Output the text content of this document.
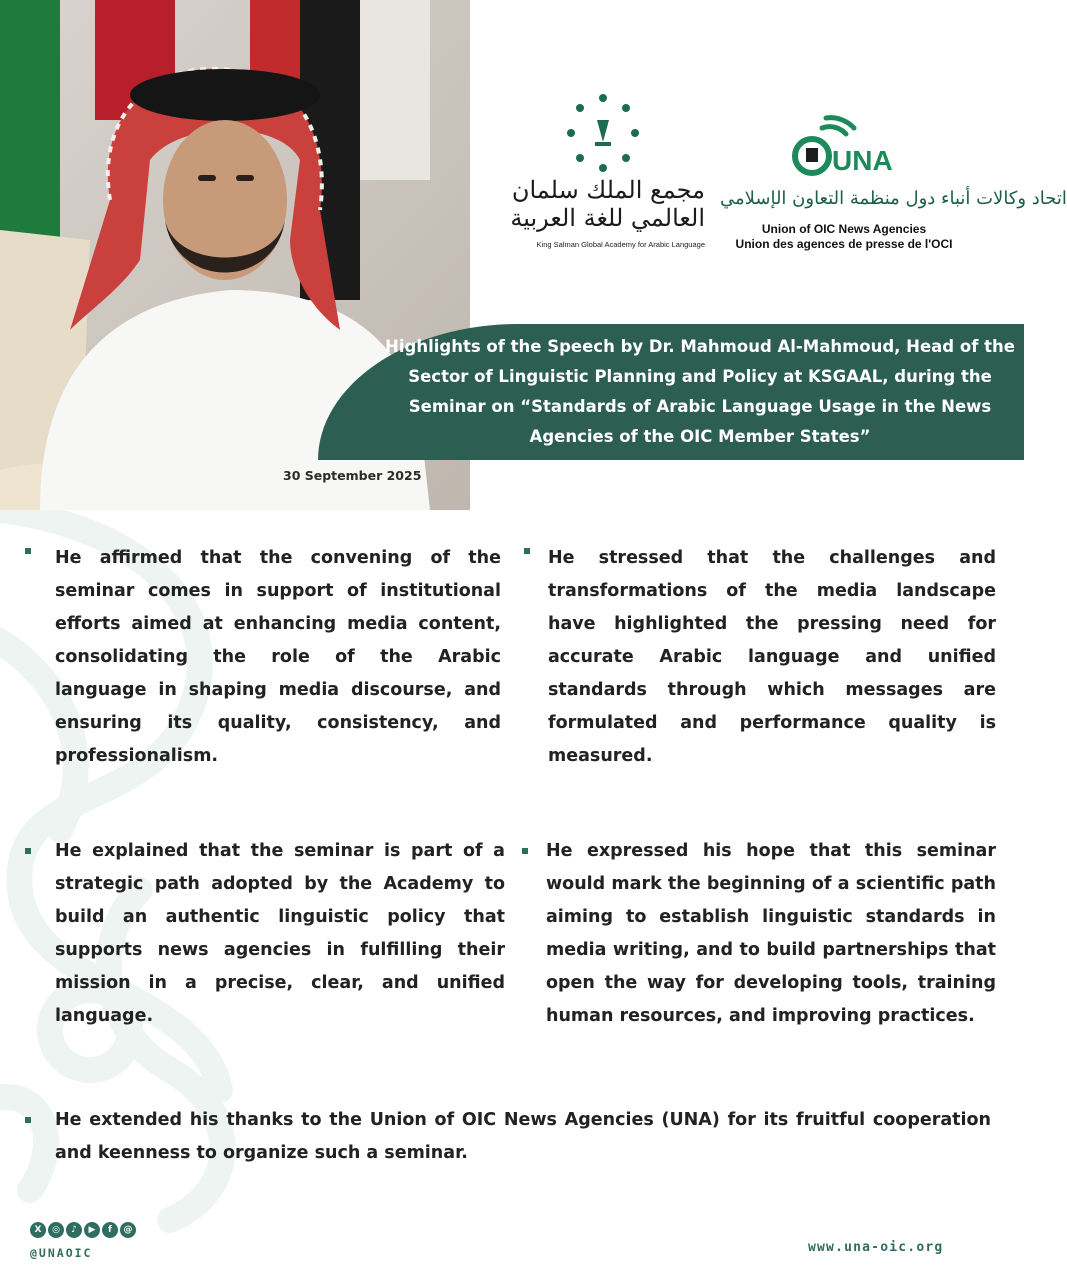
مجمع الملك سلمان
العالمي للغة العربية
King Salman Global Academy for Arabic Language
UNA
اتحاد وكالات أنباء دول منظمة التعاون الإسلامي
Union of OIC News Agencies
Union des agences de presse de l'OCI
Highlights of the Speech by Dr. Mahmoud Al-Mahmoud, Head of the Sector of Linguistic Planning and Policy at KSGAAL, during the Seminar on “Standards of Arabic Language Usage in the News Agencies of the OIC Member States”
30 September 2025
He affirmed that the convening of the seminar comes in support of institutional efforts aimed at enhancing media content, consolidating the role of the Arabic language in shaping media discourse, and ensuring its quality, consistency, and professionalism.
He stressed that the challenges and transformations of the media landscape have highlighted the pressing need for accurate Arabic language and unified standards through which messages are formulated and performance quality is measured.
He explained that the seminar is part of a strategic path adopted by the Academy to build an authentic linguistic policy that supports news agencies in fulfilling their mission in a precise, clear, and unified language.
He expressed his hope that this seminar would mark the beginning of a scientific path aiming to establish linguistic standards in media writing, and to build partnerships that open the way for developing tools, training human resources, and improving practices.
He extended his thanks to the Union of OIC News Agencies (UNA) for its fruitful cooperation and keenness to organize such a seminar.
X	◎	♪	▶	f	@
@UNAOIC	www.una-oic.org
